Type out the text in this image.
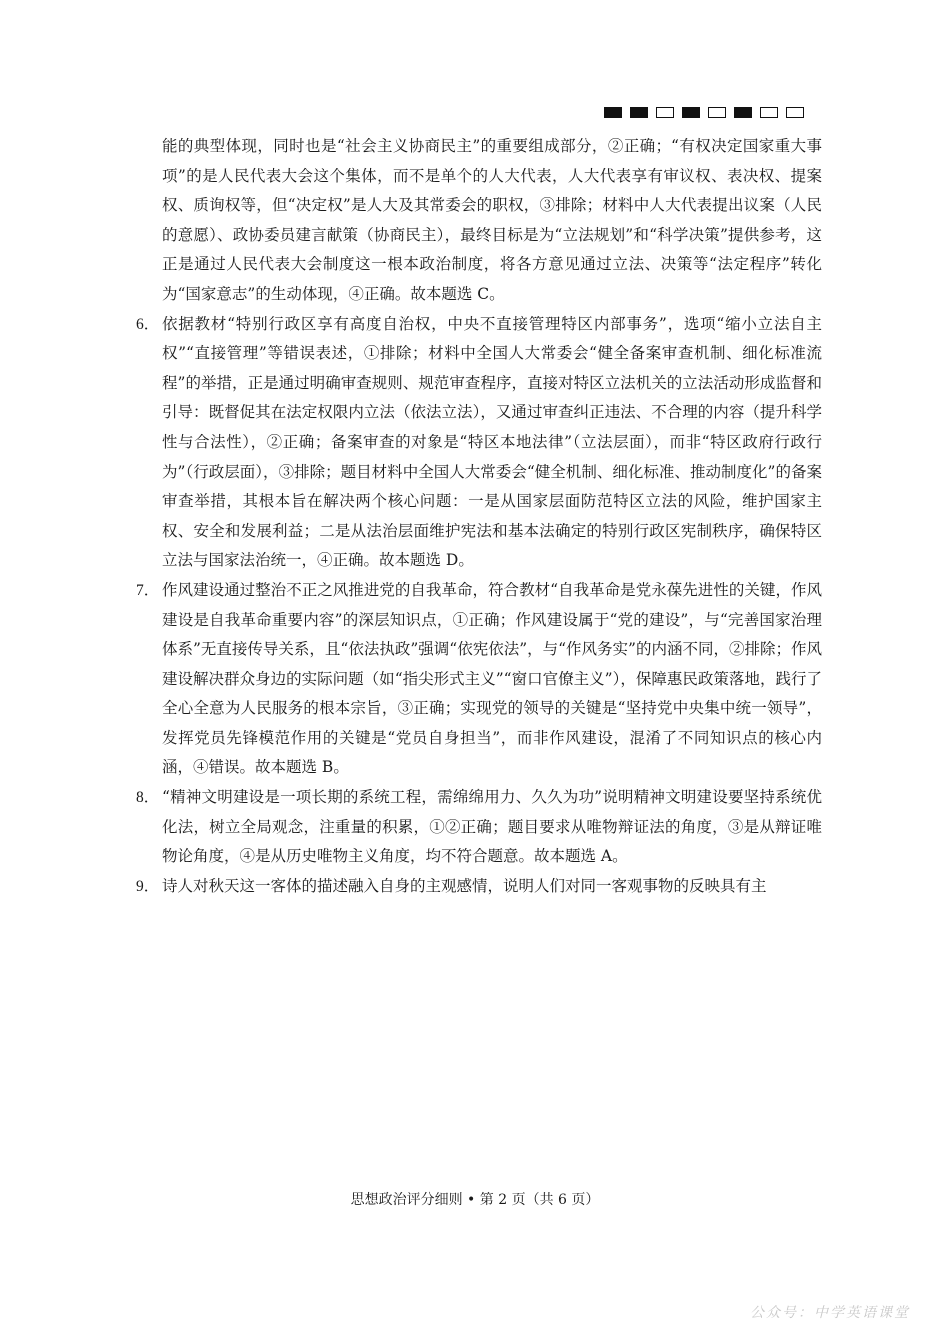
能的典型体现，同时也是“社会主义协商民主”的重要组成部分，②正确；“有权决定国家重大事项”的是人民代表大会这个集体，而不是单个的人大代表，人大代表享有审议权、表决权、提案权、质询权等，但“决定权”是人大及其常委会的职权，③排除；材料中人大代表提出议案（人民的意愿）、政协委员建言献策（协商民主），最终目标是为“立法规划”和“科学决策”提供参考，这正是通过人民代表大会制度这一根本政治制度，将各方意见通过立法、决策等“法定程序”转化为“国家意志”的生动体现，④正确。故本题选 C。

6． 依据教材“特别行政区享有高度自治权，中央不直接管理特区内部事务”，选项“缩小立法自主权”“直接管理”等错误表述，①排除；材料中全国人大常委会“健全备案审查机制、细化标准流程”的举措，正是通过明确审查规则、规范审查程序，直接对特区立法机关的立法活动形成监督和引导：既督促其在法定权限内立法（依法立法），又通过审查纠正违法、不合理的内容（提升科学性与合法性），②正确；备案审查的对象是“特区本地法律”（立法层面），而非“特区政府行政行为”（行政层面），③排除；题目材料中全国人大常委会“健全机制、细化标准、推动制度化”的备案审查举措，其根本旨在解决两个核心问题：一是从国家层面防范特区立法的风险，维护国家主权、安全和发展利益；二是从法治层面维护宪法和基本法确定的特别行政区宪制秩序，确保特区立法与国家法治统一，④正确。故本题选 D。
7． 作风建设通过整治不正之风推进党的自我革命，符合教材“自我革命是党永葆先进性的关键，作风建设是自我革命重要内容”的深层知识点，①正确；作风建设属于“党的建设”，与“完善国家治理体系”无直接传导关系，且“依法执政”强调“依宪依法”，与“作风务实”的内涵不同，②排除；作风建设解决群众身边的实际问题（如“指尖形式主义”“窗口官僚主义”），保障惠民政策落地，践行了全心全意为人民服务的根本宗旨，③正确；实现党的领导的关键是“坚持党中央集中统一领导”，发挥党员先锋模范作用的关键是“党员自身担当”，而非作风建设，混淆了不同知识点的核心内涵，④错误。故本题选 B。
8． “精神文明建设是一项长期的系统工程，需绵绵用力、久久为功”说明精神文明建设要坚持系统优化法，树立全局观念，注重量的积累，①②正确；题目要求从唯物辩证法的角度，③是从辩证唯物论角度，④是从历史唯物主义角度，均不符合题意。故本题选 A。
9． 诗人对秋天这一客体的描述融入自身的主观感情，说明人们对同一客观事物的反映具有主
思想政治评分细则 • 第 2 页（共 6 页）
公众号：中学英语课堂
